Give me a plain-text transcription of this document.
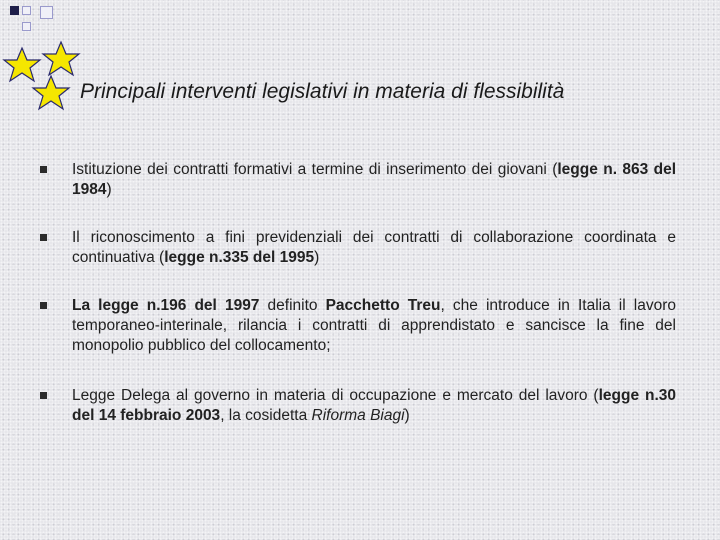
Principali interventi legislativi in materia di flessibilità
Istituzione dei contratti formativi a termine di inserimento dei giovani (legge n. 863 del 1984)
Il riconoscimento a fini previdenziali dei contratti di collaborazione coordinata e continuativa (legge n.335 del 1995)
La legge n.196 del 1997 definito Pacchetto Treu, che introduce in Italia il lavoro temporaneo-interinale, rilancia i contratti di apprendistato e sancisce la fine del monopolio pubblico del collocamento;
Legge Delega al governo in materia di occupazione e mercato del lavoro (legge n.30 del 14 febbraio 2003, la cosidetta Riforma Biagi)
